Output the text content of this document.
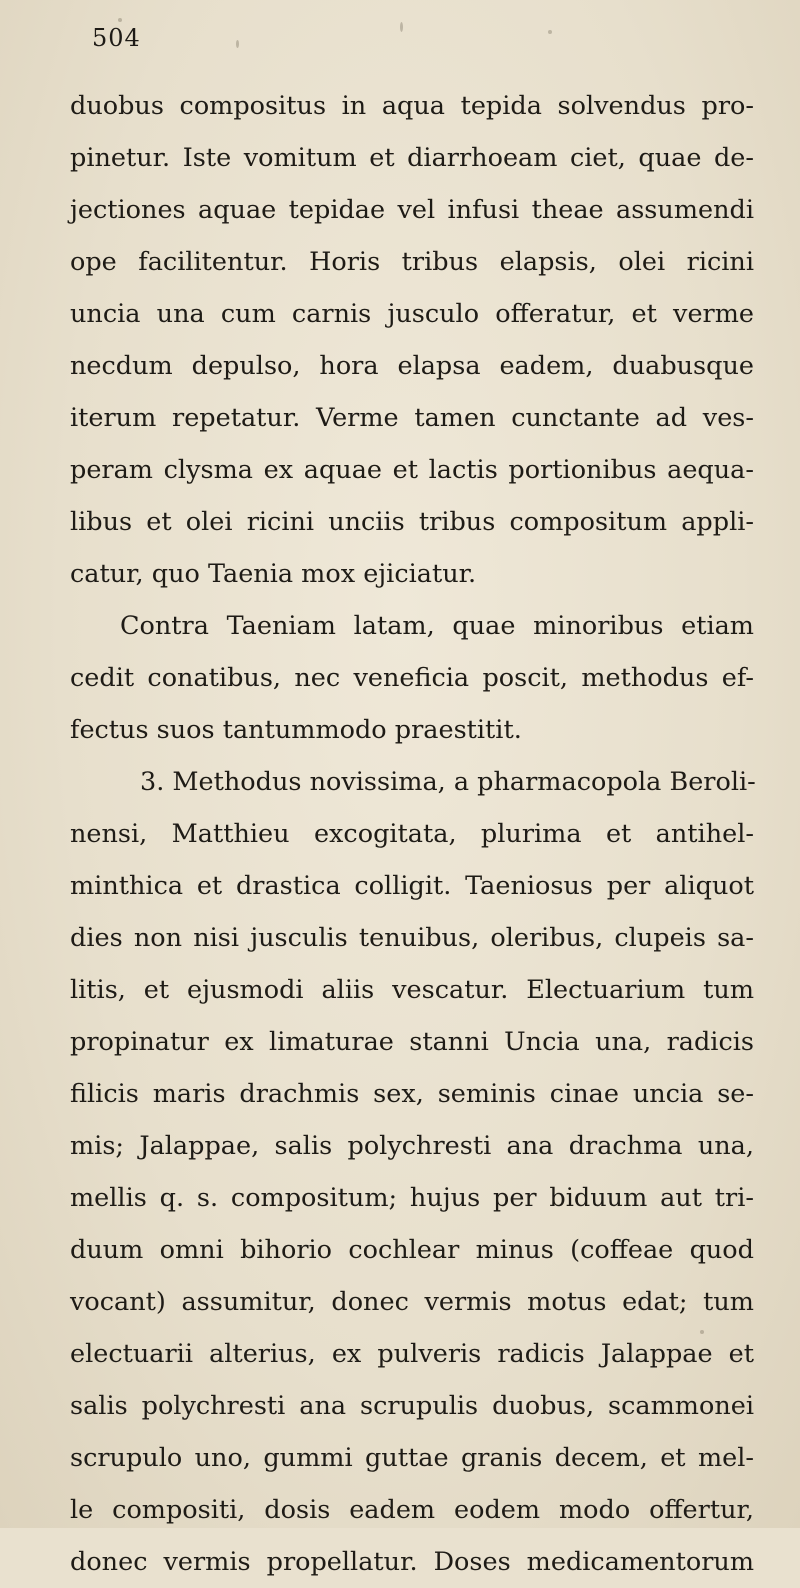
504
duobus compositus in aqua tepida solvendus pro-
pinetur. Iste vomitum et diarrhoeam ciet, quae de-
jectiones aquae tepidae vel infusi theae assumendi
ope facilitentur. Horis tribus elapsis, olei ricini
uncia una cum carnis jusculo offeratur, et verme
necdum depulso, hora elapsa eadem, duabusque
iterum repetatur. Verme tamen cunctante ad ves-
peram clysma ex aquae et lactis portionibus aequa-
libus et olei ricini unciis tribus compositum appli-
catur, quo Taenia mox ejiciatur.
Contra Taeniam latam, quae minoribus etiam
cedit conatibus, nec veneficia poscit, methodus ef-
fectus suos tantummodo praestitit.
3. Methodus novissima, a pharmacopola Beroli-
nensi, Matthieu excogitata, plurima et antihel-
minthica et drastica colligit. Taeniosus per aliquot
dies non nisi jusculis tenuibus, oleribus, clupeis sa-
litis, et ejusmodi aliis vescatur. Electuarium tum
propinatur ex limaturae stanni Uncia una, radicis
filicis maris drachmis sex, seminis cinae uncia se-
mis; Jalappae, salis polychresti ana drachma una,
mellis q. s. compositum; hujus per biduum aut tri-
duum omni bihorio cochlear minus (coffeae quod
vocant) assumitur, donec vermis motus edat; tum
electuarii alterius, ex pulveris radicis Jalappae et
salis polychresti ana scrupulis duobus, scammonei
scrupulo uno, gummi guttae granis decem, et mel-
le compositi, dosis eadem eodem modo offertur,
donec vermis propellatur. Doses medicamentorum
